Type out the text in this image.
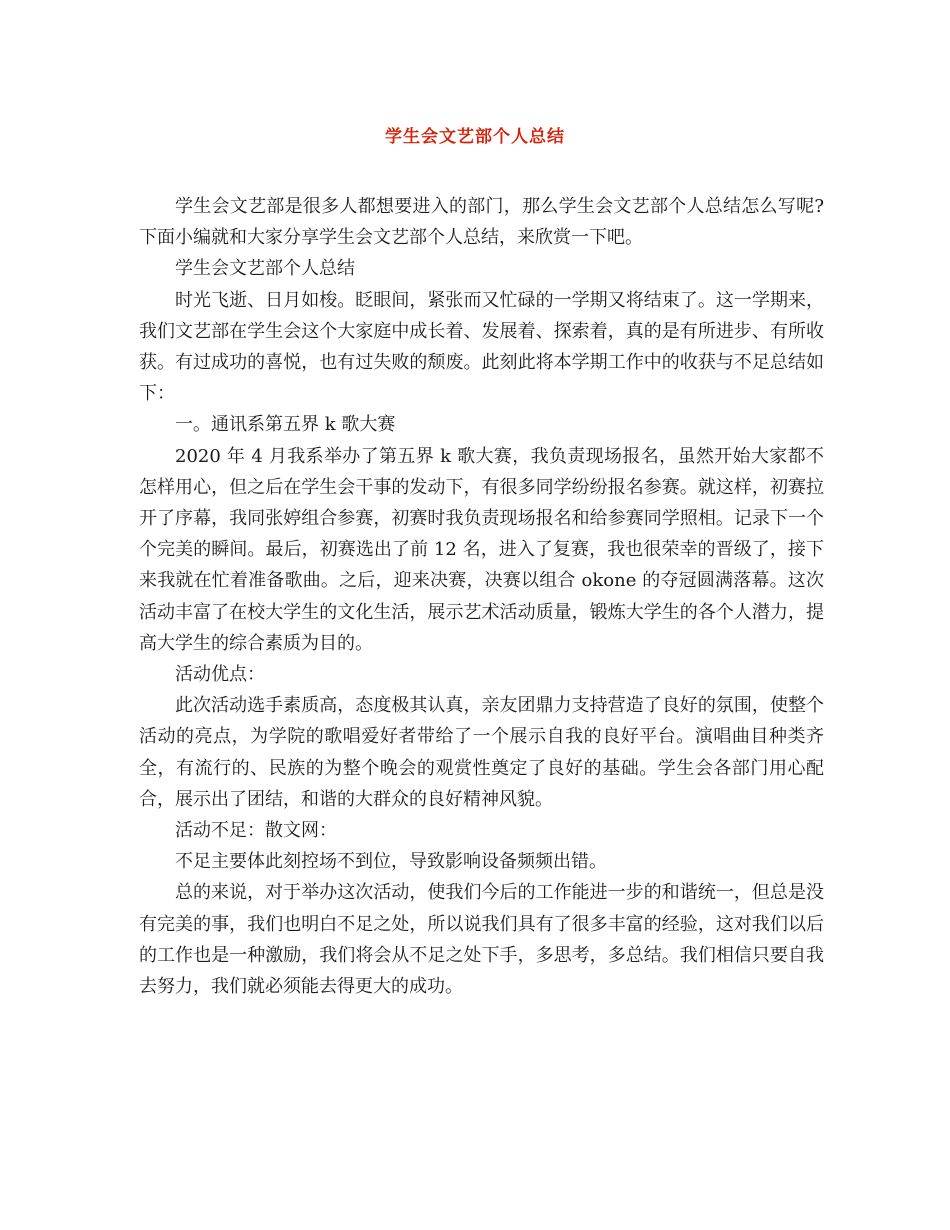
学生会文艺部个人总结

学生会文艺部是很多人都想要进入的部门，那么学生会文艺部个人总结怎么写呢?下面小编就和大家分享学生会文艺部个人总结，来欣赏一下吧。

学生会文艺部个人总结

时光飞逝、日月如梭。眨眼间，紧张而又忙碌的一学期又将结束了。这一学期来，我们文艺部在学生会这个大家庭中成长着、发展着、探索着，真的是有所进步、有所收获。有过成功的喜悦，也有过失败的颓废。此刻此将本学期工作中的收获与不足总结如下：

一。通讯系第五界 k 歌大赛

2020 年 4 月我系举办了第五界 k 歌大赛，我负责现场报名，虽然开始大家都不怎样用心，但之后在学生会干事的发动下，有很多同学纷纷报名参赛。就这样，初赛拉开了序幕，我同张婷组合参赛，初赛时我负责现场报名和给参赛同学照相。记录下一个个完美的瞬间。最后，初赛选出了前 12 名，进入了复赛，我也很荣幸的晋级了，接下来我就在忙着准备歌曲。之后，迎来决赛，决赛以组合 okone 的夺冠圆满落幕。这次活动丰富了在校大学生的文化生活，展示艺术活动质量，锻炼大学生的各个人潜力，提高大学生的综合素质为目的。

活动优点：

此次活动选手素质高，态度极其认真，亲友团鼎力支持营造了良好的氛围，使整个活动的亮点，为学院的歌唱爱好者带给了一个展示自我的良好平台。演唱曲目种类齐全，有流行的、民族的为整个晚会的观赏性奠定了良好的基础。学生会各部门用心配合，展示出了团结，和谐的大群众的良好精神风貌。

活动不足：散文网：

不足主要体此刻控场不到位，导致影响设备频频出错。

总的来说，对于举办这次活动，使我们今后的工作能进一步的和谐统一，但总是没有完美的事，我们也明白不足之处，所以说我们具有了很多丰富的经验，这对我们以后的工作也是一种激励，我们将会从不足之处下手，多思考，多总结。我们相信只要自我去努力，我们就必须能去得更大的成功。
